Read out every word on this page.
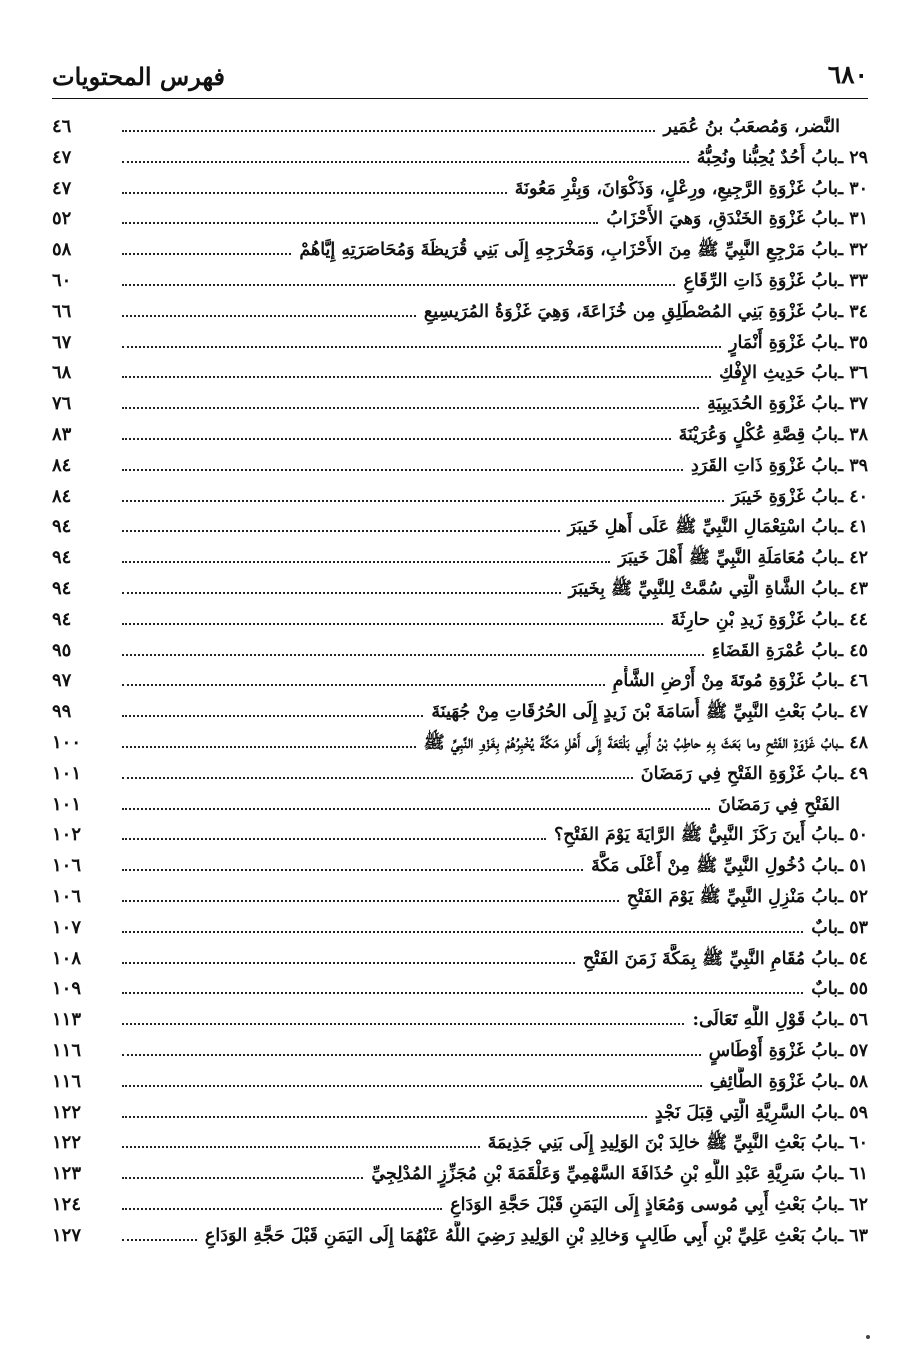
٦٨٠
فهرس المحتويات
النَّضر، وَمُصعَبُ بنُ عُمَير
٤٦
٢٩ ـ
بابُ أُحُدٌ يُحِبُّنا ونُحِبُّهُ
٤٧
٣٠ ـ
بابُ غَزْوَةِ الرَّجِيعِ، ورِعْلٍ، وَذَكْوَانَ، وَبِئْرِ مَعُونَةَ
٤٧
٣١ ـ
بابُ غَزْوَةِ الخَنْدَقِ، وَهيَ الأَحْزَابُ
٥٢
٣٢ ـ
بابُ مَرْجِعِ النَّبِيِّ ﷺ مِنَ الأَحْزَابِ، وَمَخْرَجِهِ إِلَى بَنِي قُرَيظَةَ وَمُحَاصَرَتِهِ إِيَّاهُمْ
٥٨
٣٣ ـ
بابُ غَزْوَةِ ذَاتِ الرِّقَاعِ
٦٠
٣٤ ـ
بابُ غَزْوَةِ بَنِي المُصْطَلِقِ مِن خُزَاعَةَ، وَهِيَ غَزْوَةُ المُرَيسِيعِ
٦٦
٣٥ ـ
بابُ غَزْوَةِ أَنْمَارٍ
٦٧
٣٦ ـ
بابُ حَدِيثِ الإِفْكِ
٦٨
٣٧ ـ
بابُ غَزْوَةِ الحُدَيبِيَةِ
٧٦
٣٨ ـ
بابُ قِصَّةِ عُكْلٍ وَعُرَيْنَةَ
٨٣
٣٩ ـ
بابُ غَزْوَةِ ذَاتِ القَرَدِ
٨٤
٤٠ ـ
بابُ غَزْوَةِ خَيبَرَ
٨٤
٤١ ـ
بابُ اسْتِعْمَالِ النَّبِيِّ ﷺ عَلَى أَهلِ خَيبَرَ
٩٤
٤٢ ـ
بابُ مُعَامَلَةِ النَّبِيِّ ﷺ أَهْلَ خَيبَرَ
٩٤
٤٣ ـ
بابُ الشَّاةِ الَّتِي سُمَّتْ لِلنَّبِيِّ ﷺ بِخَيبَرَ
٩٤
٤٤ ـ
بابُ غَزْوَةِ زَيدِ بْنِ حارِثَةَ
٩٤
٤٥ ـ
بابُ عُمْرَةِ القَضَاءِ
٩٥
٤٦ ـ
بابُ غَزْوَةِ مُوتَةَ مِنْ أَرْضِ الشَّأْمِ
٩٧
٤٧ ـ
بابُ بَعْثِ النَّبِيِّ ﷺ أُسَامَةَ بْنَ زَيدٍ إِلَى الحُرُقَاتِ مِنْ جُهَينَةَ
٩٩
٤٨ ـ
بابُ غَزْوَةِ الفَتْحِ وما بَعَثَ بِهِ حاطِبُ بْنُ أَبِي بَلْتَعَةَ إِلَى أَهْلِ مَكَّةَ يُخْبِرُهُمْ بِغَزْوِ النَّبِيِّ ﷺ
١٠٠
٤٩ ـ
بابُ غَزْوَةِ الفَتْحِ فِي رَمَضَانَ
١٠١
الفَتْحِ فِي رَمَضَانَ
١٠١
٥٠ ـ
بابُ أَينَ رَكَزَ النَّبِيُّ ﷺ الرَّايَةَ يَوْمَ الفَتْحِ؟
١٠٢
٥١ ـ
بابُ دُخُولِ النَّبِيِّ ﷺ مِنْ أَعْلَى مَكَّةَ
١٠٦
٥٢ ـ
بابُ مَنْزِلِ النَّبِيِّ ﷺ يَوْمَ الفَتْحِ
١٠٦
٥٣ ـ
بابٌ
١٠٧
٥٤ ـ
بابُ مُقَامِ النَّبِيِّ ﷺ بِمَكَّةَ زَمَنَ الفَتْحِ
١٠٨
٥٥ ـ
بابٌ
١٠٩
٥٦ ـ
بابُ قَوْلِ اللَّهِ تَعَالَى:
١١٣
٥٧ ـ
بابُ غَزْوَةِ أَوْطَاسٍ
١١٦
٥٨ ـ
بابُ غَزْوَةِ الطَّائِفِ
١١٦
٥٩ ـ
بابُ السَّرِيَّةِ الَّتِي قِبَلَ نَجْدٍ
١٢٢
٦٠ ـ
بابُ بَعْثِ النَّبِيِّ ﷺ خالِدَ بْنَ الوَلِيدِ إِلَى بَنِي جَذِيمَةَ
١٢٢
٦١ ـ
بابُ سَرِيَّةِ عَبْدِ اللَّهِ بْنِ حُذَافَةَ السَّهْمِيِّ وَعَلْقَمَةَ بْنِ مُجَزِّزٍ المُدْلِجِيِّ
١٢٣
٦٢ ـ
بابُ بَعْثِ أَبِي مُوسى وَمُعَاذٍ إِلَى اليَمَنِ قَبْلَ حَجَّةِ الوَدَاعِ
١٢٤
٦٣ ـ
بابُ بَعْثِ عَلِيِّ بْنِ أَبِي طَالِبٍ وَخالِدِ بْنِ الوَلِيدِ رَضِيَ اللَّهُ عَنْهُمَا إِلَى اليَمَنِ قَبْلَ حَجَّةِ الوَدَاعِ
١٢٧
